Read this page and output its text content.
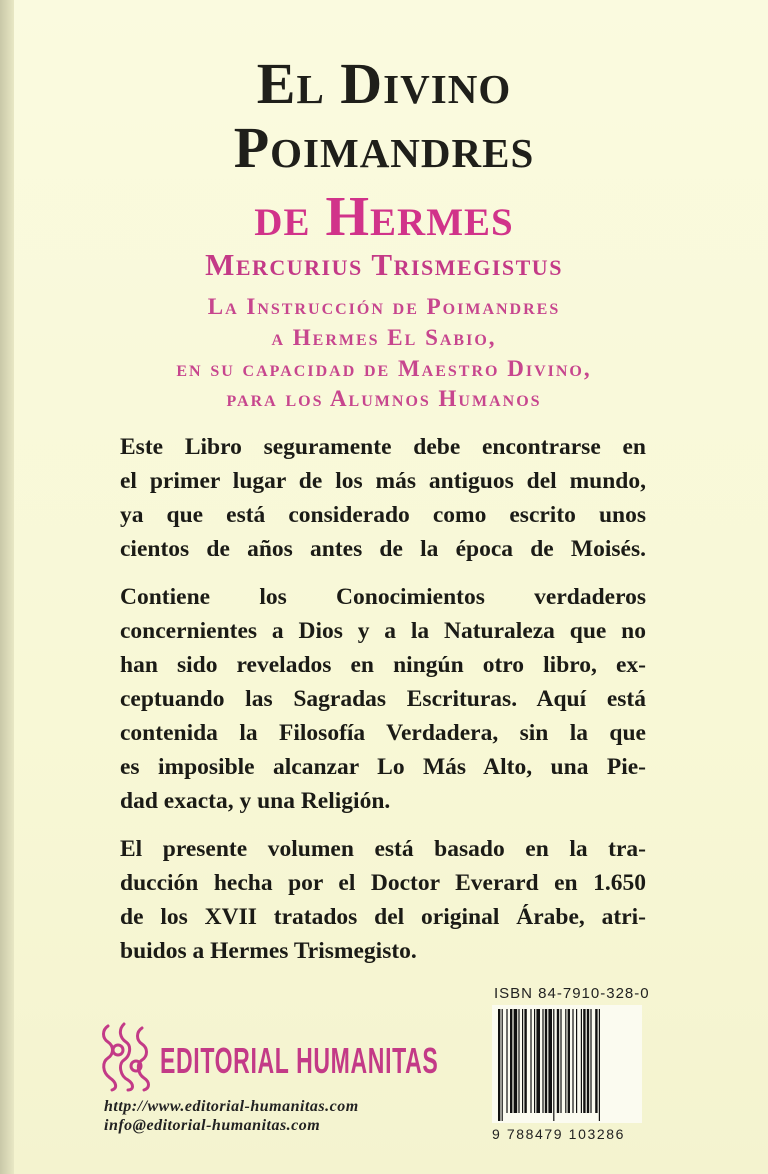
El Divino
Poimandres
de Hermes
Mercurius Trismegistus
La Instrucción de Poimandres
a Hermes El Sabio,
en su capacidad de Maestro Divino,
para los Alumnos Humanos
Este Libro seguramente debe encontrarse en
el primer lugar de los más antiguos del mundo,
ya que está considerado como escrito unos
cientos de años antes de la época de Moisés.
Contiene los Conocimientos verdaderos
concernientes a Dios y a la Naturaleza que no
han sido revelados en ningún otro libro, ex-
ceptuando las Sagradas Escrituras. Aquí está
contenida la Filosofía Verdadera, sin la que
es imposible alcanzar Lo Más Alto, una Pie-
dad exacta, y una Religión.
El presente volumen está basado en la tra-
ducción hecha por el Doctor Everard en 1.650
de los XVII tratados del original Árabe, atri-
buidos a Hermes Trismegisto.
EDITORIAL HUMANITAS
http://www.editorial-humanitas.com
info@editorial-humanitas.com
ISBN 84-7910-328-0
9 788479 103286
